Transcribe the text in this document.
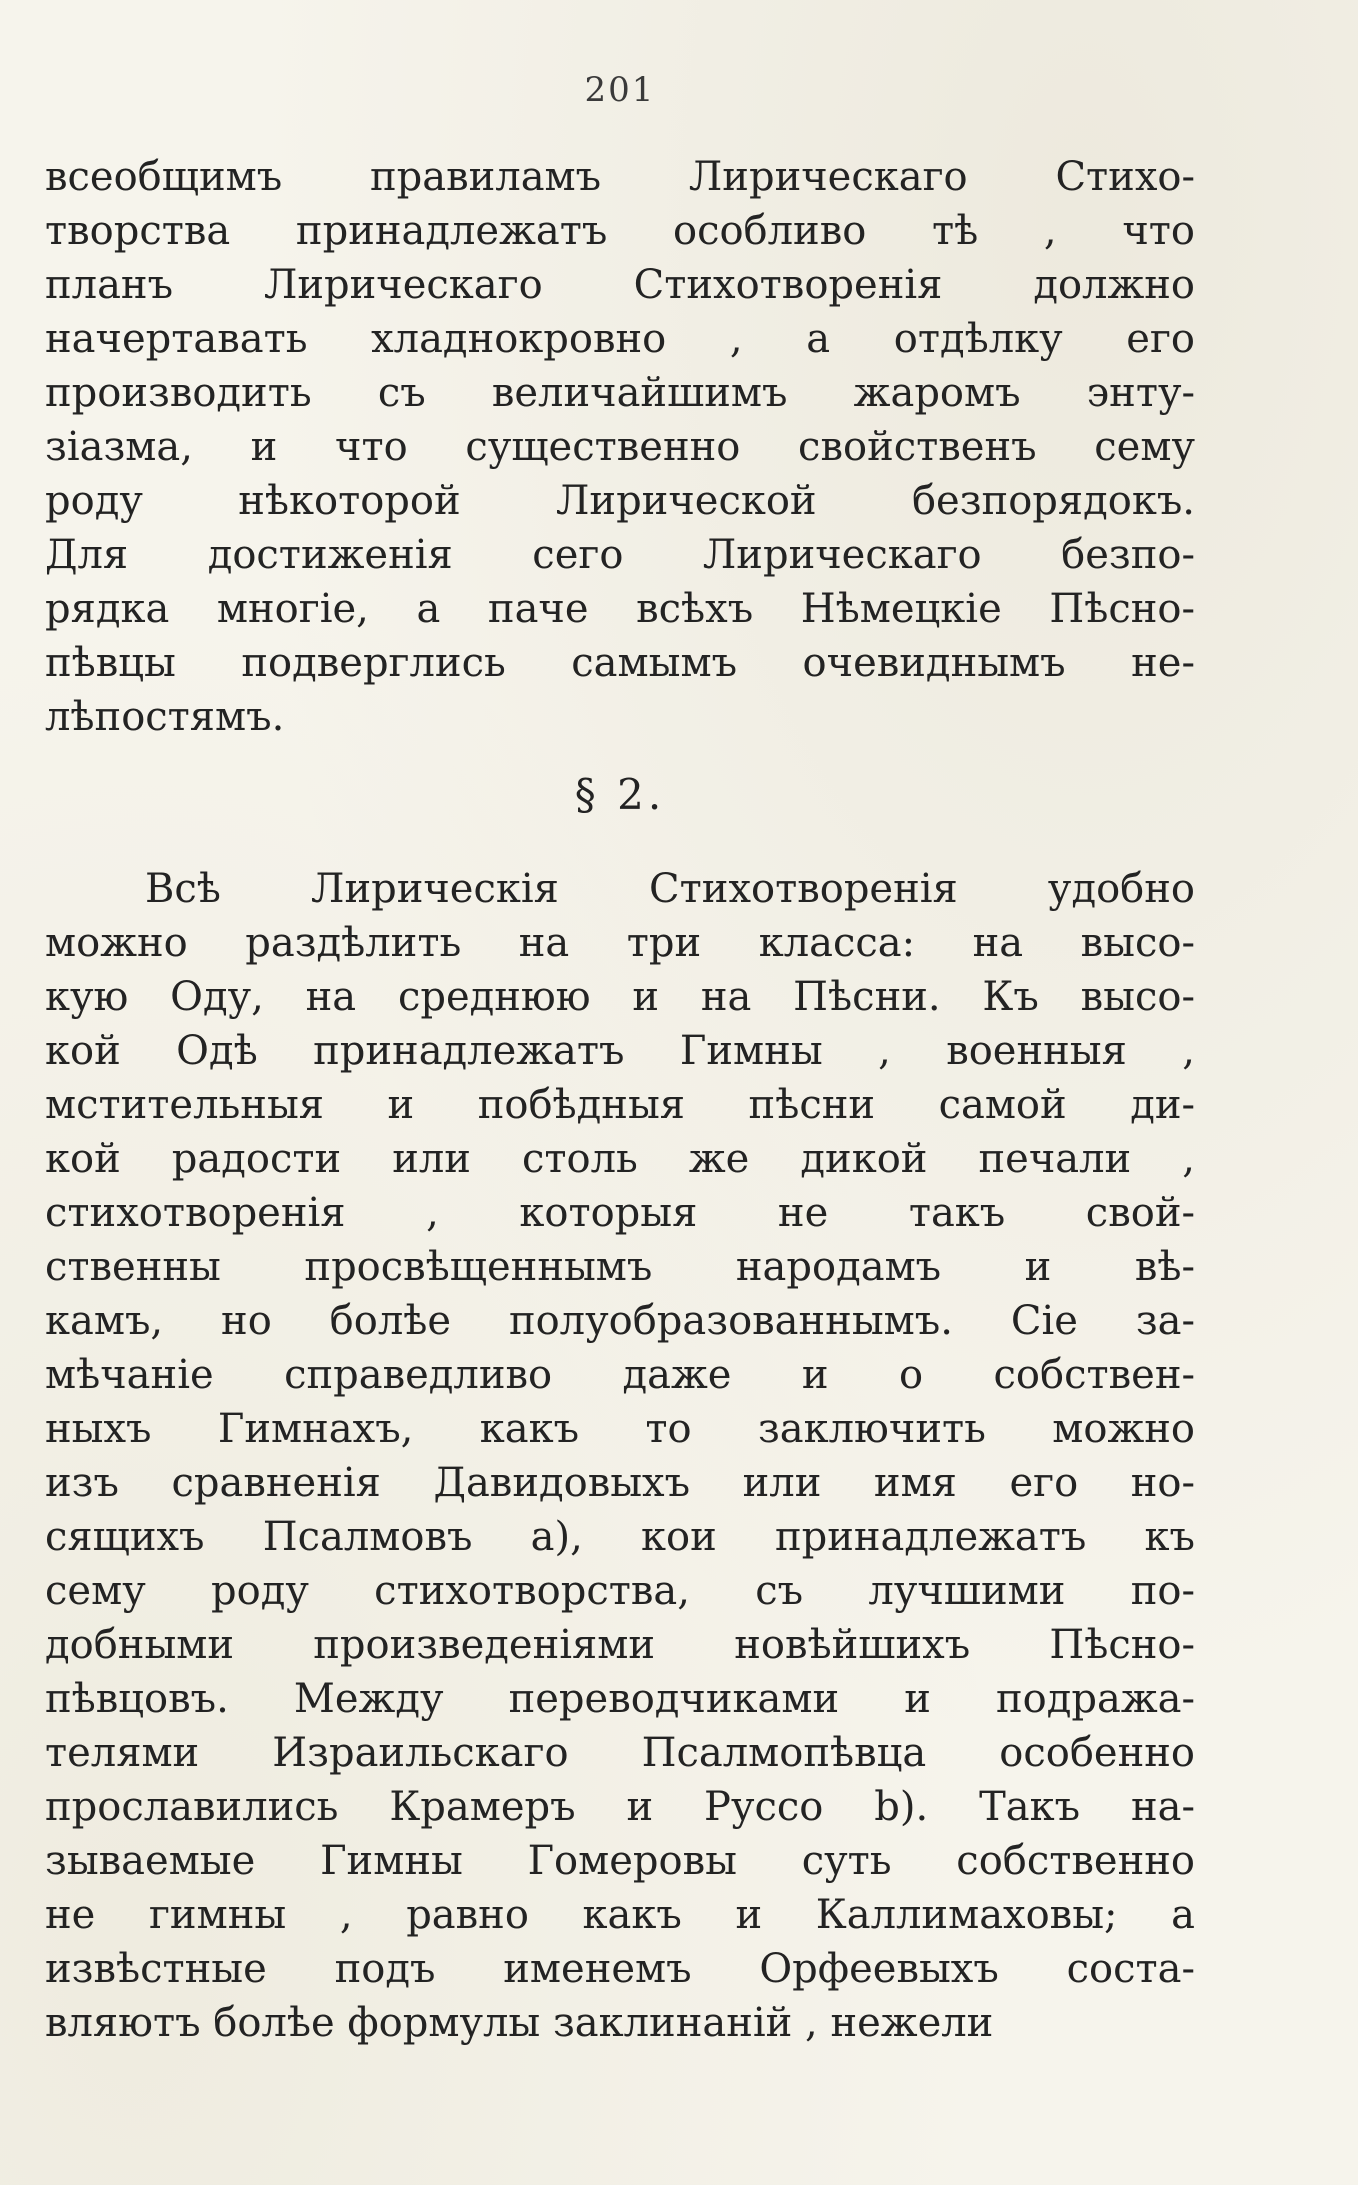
201
всеобщимъ правиламъ Лирическаго Стихо-
творства принадлежатъ особливо тѣ , что
планъ Лирическаго Стихотворенія должно
начертавать хладнокровно , а отдѣлку его
производить съ величайшимъ жаромъ энту-
зіазма, и что существенно свойственъ сему
роду нѣкоторой Лирической безпорядокъ.
Для достиженія сего Лирическаго безпо-
рядка многіе, а паче всѣхъ Нѣмецкіе Пѣсно-
пѣвцы подверглись самымъ очевиднымъ не-
лѣпостямъ.
§ 2.
Всѣ Лирическія Стихотворенія удобно
можно раздѣлить на три класса: на высо-
кую Оду, на среднюю и на Пѣсни. Къ высо-
кой Одѣ принадлежатъ Гимны , военныя ,
мстительныя и побѣдныя пѣсни самой ди-
кой радости или столь же дикой печали ,
стихотворенія , которыя не такъ свой-
ственны просвѣщеннымъ народамъ и вѣ-
камъ, но болѣе полуобразованнымъ. Сіе за-
мѣчаніе справедливо даже и о собствен-
ныхъ Гимнахъ, какъ то заключить можно
изъ сравненія Давидовыхъ или имя его но-
сящихъ Псалмовъ а), кои принадлежатъ къ
сему роду стихотворства, съ лучшими по-
добными произведеніями новѣйшихъ Пѣсно-
пѣвцовъ. Между переводчиками и подража-
телями Израильскаго Псалмопѣвца особенно
прославились Крамеръ и Руссо b). Такъ на-
зываемые Гимны Гомеровы суть собственно
не гимны , равно какъ и Каллимаховы; а
извѣстные подъ именемъ Орфеевыхъ соста-
вляютъ болѣе формулы заклинаній , нежели
